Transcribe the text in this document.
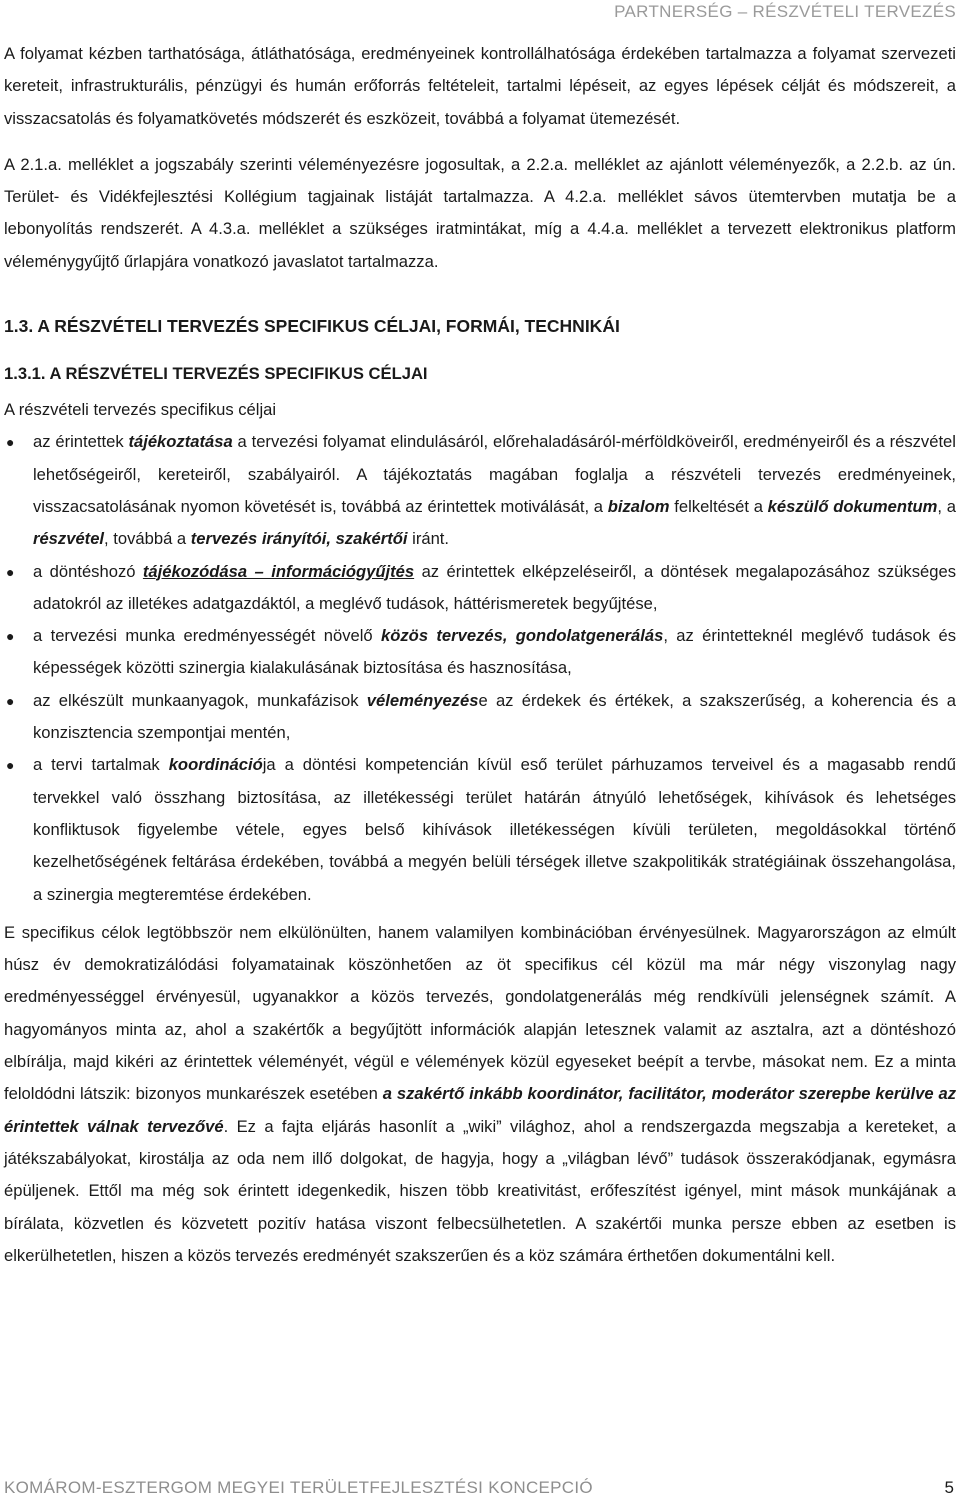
PARTNERSÉG – RÉSZVÉTELI TERVEZÉS

A folyamat kézben tarthatósága, átláthatósága, eredményeinek kontrollálhatósága érdekében tartalmazza a folyamat szervezeti kereteit, infrastrukturális, pénzügyi és humán erőforrás feltételeit, tartalmi lépéseit, az egyes lépések célját és módszereit, a visszacsatolás és folyamatkövetés módszerét és eszközeit, továbbá a folyamat ütemezését.

A 2.1.a. melléklet a jogszabály szerinti véleményezésre jogosultak, a 2.2.a. melléklet az ajánlott véleményezők, a 2.2.b. az ún. Terület- és Vidékfejlesztési Kollégium tagjainak listáját tartalmazza. A 4.2.a. melléklet sávos ütemtervben mutatja be a lebonyolítás rendszerét. A 4.3.a. melléklet a szükséges iratmintákat, míg a 4.4.a. melléklet a tervezett elektronikus platform véleménygyűjtő űrlapjára vonatkozó javaslatot tartalmazza.

1.3. A RÉSZVÉTELI TERVEZÉS SPECIFIKUS CÉLJAI, FORMÁI, TECHNIKÁI
1.3.1. A RÉSZVÉTELI TERVEZÉS SPECIFIKUS CÉLJAI

A részvételi tervezés specifikus céljai

● az érintettek tájékoztatása a tervezési folyamat elindulásáról, előrehaladásáról-mérföldköveiről, eredményeiről és a részvétel lehetőségeiről, kereteiről, szabályairól. A tájékoztatás magában foglalja a részvételi tervezés eredményeinek, visszacsatolásának nyomon követését is, továbbá az érintettek motiválását, a bizalom felkeltését a készülő dokumentum, a részvétel, továbbá a tervezés irányítói, szakértői iránt.
● a döntéshozó tájékozódása – információgyűjtés az érintettek elképzeléseiről, a döntések megalapozásához szükséges adatokról az illetékes adatgazdáktól, a meglévő tudások, háttérismeretek begyűjtése,
● a tervezési munka eredményességét növelő közös tervezés, gondolatgenerálás, az érintetteknél meglévő tudások és képességek közötti szinergia kialakulásának biztosítása és hasznosítása,
● az elkészült munkaanyagok, munkafázisok véleményezése az érdekek és értékek, a szakszerűség, a koherencia és a konzisztencia szempontjai mentén,
● a tervi tartalmak koordinációja a döntési kompetencián kívül eső terület párhuzamos terveivel és a magasabb rendű tervekkel való összhang biztosítása, az illetékességi terület határán átnyúló lehetőségek, kihívások és lehetséges konfliktusok figyelembe vétele, egyes belső kihívások illetékességen kívüli területen, megoldásokkal történő kezelhetőségének feltárása érdekében, továbbá a megyén belüli térségek illetve szakpolitikák stratégiáinak összehangolása, a szinergia megteremtése érdekében.

E specifikus célok legtöbbször nem elkülönülten, hanem valamilyen kombinációban érvényesülnek. Magyarországon az elmúlt húsz év demokratizálódási folyamatainak köszönhetően az öt specifikus cél közül ma már négy viszonylag nagy eredményességgel érvényesül, ugyanakkor a közös tervezés, gondolatgenerálás még rendkívüli jelenségnek számít. A hagyományos minta az, ahol a szakértők a begyűjtött információk alapján letesznek valamit az asztalra, azt a döntéshozó elbírálja, majd kikéri az érintettek véleményét, végül e vélemények közül egyeseket beépít a tervbe, másokat nem. Ez a minta feloldódni látszik: bizonyos munkarészek esetében a szakértő inkább koordinátor, facilitátor, moderátor szerepbe kerülve az érintettek válnak tervezővé. Ez a fajta eljárás hasonlít a „wiki” világhoz, ahol a rendszergazda megszabja a kereteket, a játékszabályokat, kirostálja az oda nem illő dolgokat, de hagyja, hogy a „világban lévő” tudások összerakódjanak, egymásra épüljenek. Ettől ma még sok érintett idegenkedik, hiszen több kreativitást, erőfeszítést igényel, mint mások munkájának a bírálata, közvetlen és közvetett pozitív hatása viszont felbecsülhetetlen. A szakértői munka persze ebben az esetben is elkerülhetetlen, hiszen a közös tervezés eredményét szakszerűen és a köz számára érthetően dokumentálni kell.

KOMÁROM-ESZTERGOM MEGYEI TERÜLETFEJLESZTÉSI KONCEPCIÓ	5
